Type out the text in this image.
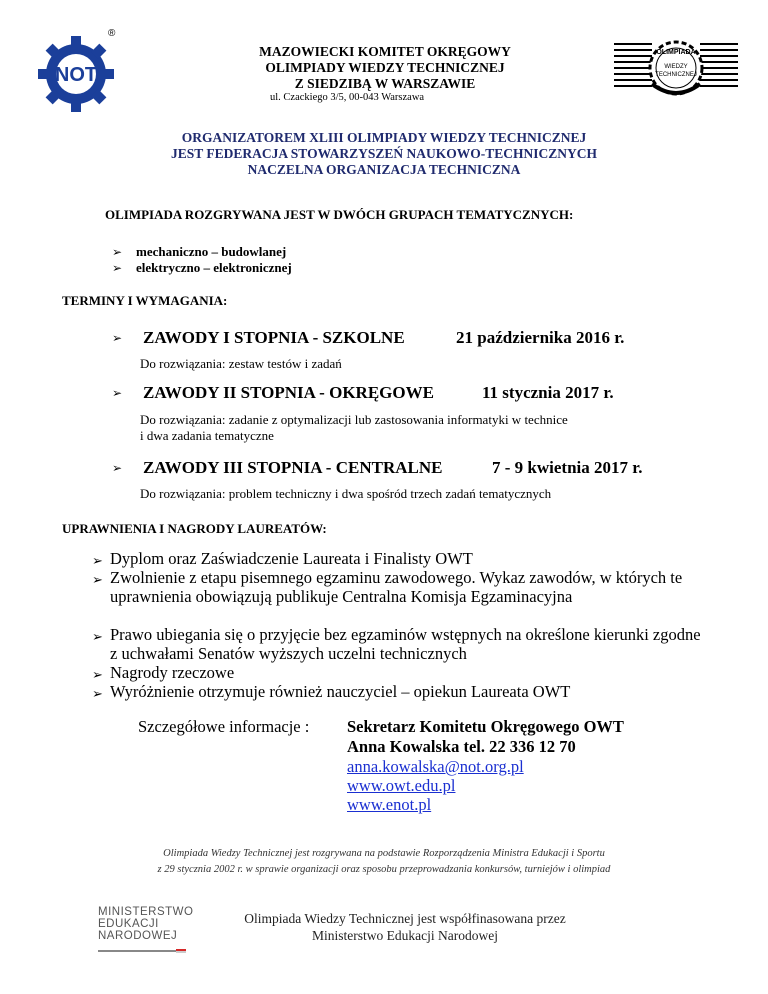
NOT
®
MAZOWIECKI KOMITET OKRĘGOWY
OLIMPIADY WIEDZY TECHNICZNEJ
Z SIEDZIBĄ W WARSZAWIE
ul. Czackiego 3/5, 00-043 Warszawa
OLIMPIADA
WIEDZY
TECHNICZNEJ
ORGANIZATOREM XLIII OLIMPIADY WIEDZY TECHNICZNEJ
JEST FEDERACJA STOWARZYSZEŃ NAUKOWO-TECHNICZNYCH
NACZELNA ORGANIZACJA TECHNICZNA
OLIMPIADA ROZGRYWANA JEST W DWÓCH GRUPACH TEMATYCZNYCH:
➢ mechaniczno – budowlanej
➢ elektryczno – elektronicznej
TERMINY I WYMAGANIA:
➢ ZAWODY I STOPNIA - SZKOLNE	21 października 2016 r.
Do rozwiązania: zestaw testów i zadań
➢ ZAWODY II STOPNIA - OKRĘGOWE	11 stycznia 2017 r.
Do rozwiązania: zadanie z optymalizacji lub zastosowania informatyki w technice
i dwa zadania tematyczne
➢ ZAWODY III STOPNIA - CENTRALNE	7 - 9 kwietnia 2017 r.
Do rozwiązania: problem techniczny i dwa spośród trzech zadań tematycznych
UPRAWNIENIA I NAGRODY LAUREATÓW:
➢ Dyplom oraz Zaświadczenie Laureata i Finalisty OWT
➢ Zwolnienie z etapu pisemnego egzaminu zawodowego. Wykaz zawodów, w których te uprawnienia obowiązują publikuje Centralna Komisja Egzaminacyjna
➢ Prawo ubiegania się o przyjęcie bez egzaminów wstępnych na określone kierunki zgodne z uchwałami Senatów wyższych uczelni technicznych
➢ Nagrody rzeczowe
➢ Wyróżnienie otrzymuje również nauczyciel – opiekun Laureata OWT
Szczegółowe informacje : Sekretarz Komitetu Okręgowego OWT
Anna Kowalska tel. 22 336 12 70
anna.kowalska@not.org.pl
www.owt.edu.pl
www.enot.pl
Olimpiada Wiedzy Technicznej jest rozgrywana na podstawie Rozporządzenia Ministra Edukacji i Sportu
z 29 stycznia 2002 r. w sprawie organizacji oraz sposobu przeprowadzania konkursów, turniejów i olimpiad
MINISTERSTWO
EDUKACJI
NARODOWEJ
Olimpiada Wiedzy Technicznej jest współfinasowana przez
Ministerstwo Edukacji Narodowej
